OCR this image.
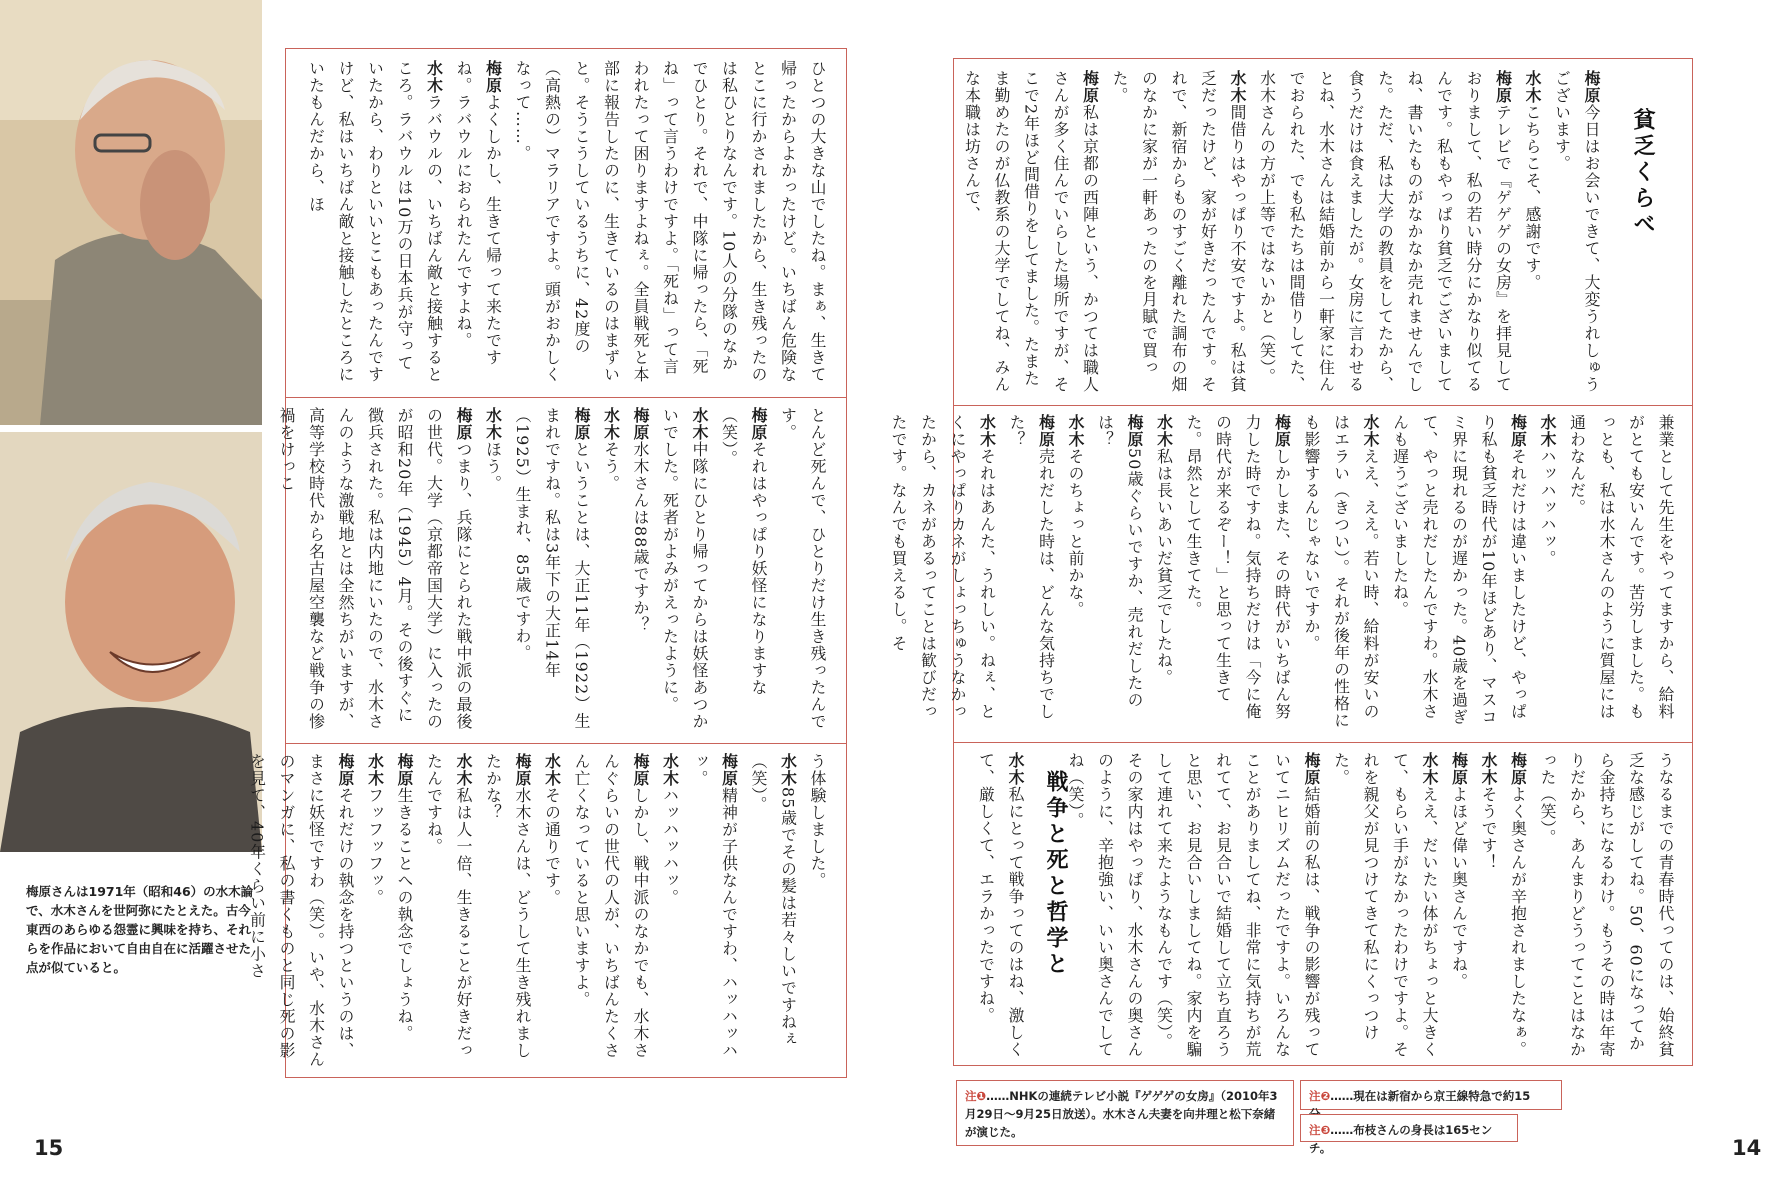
梅原さんは1971年（昭和46）の水木論で、水木さんを世阿弥にたとえた。古今東西のあらゆる怨霊に興味を持ち、それらを作品において自由自在に活躍させた点が似ていると。
15

ひとつの大きな山でしたね。まぁ、生きて帰ったからよかったけど。いちばん危険なとこに行かされましたから、生き残ったのは私ひとりなんです。10人の分隊のなかでひとり。それで、中隊に帰ったら、「死ね」って言うわけですよ。「死ね」って言われたって困りますよねぇ。全員戦死と本部に報告したのに、生きているのはまずいと。そうこうしているうちに、42度の（高熱の）マラリアですよ。頭がおかしくなって……。

梅原よくしかし、生きて帰って来たですね。ラバウルにおられたんですよね。

水木ラバウルの、いちばん敵と接触するところ。ラバウルは10万の日本兵が守っていたから、わりといいとこもあったんですけど、私はいちばん敵と接触したところにいたもんだから、ほ

とんど死んで、ひとりだけ生き残ったんです。

梅原それはやっぱり妖怪になりますな（笑）。

水木中隊にひとり帰ってからは妖怪あつかいでした。死者がよみがえったように。

梅原水木さんは88歳ですか？

水木そう。

梅原ということは、大正11年（1922）生まれですね。私は3年下の大正14年（1925）生まれ、85歳ですわ。

水木ほう。

梅原つまり、兵隊にとられた戦中派の最後の世代。大学（京都帝国大学）に入ったのが昭和20年（1945）4月。その後すぐに徴兵された。私は内地にいたので、水木さんのような激戦地とは全然ちがいますが、高等学校時代から名古屋空襲など戦争の惨禍をけっこ

う体験しました。

水木85歳でその髪は若々しいですねぇ（笑）。

梅原精神が子供なんですわ、ハッハッハッ。

水木ハッハッハッ。

梅原しかし、戦中派のなかでも、水木さんぐらいの世代の人が、いちばんたくさん亡くなっていると思いますよ。

水木その通りです。

梅原水木さんは、どうして生き残れましたかな？

水木私は人一倍、生きることが好きだったんですね。

梅原生きることへの執念でしょうね。

水木フッフッフッ。

梅原それだけの執念を持つというのは、まさに妖怪ですわ（笑）。いや、水木さんのマンガに、私の書くものと同じ死の影を見て、40年くらい前に小さ

貧乏くらべ
戦争と死と哲学と

梅原今日はお会いできて、大変うれしゅうございます。

水木こちらこそ、感謝です。

梅原テレビで『ゲゲゲの女房』を拝見しておりまして、私の若い時分にかなり似てるんです。私もやっぱり貧乏でございましてね、書いたものがなかなか売れませんでした。ただ、私は大学の教員をしてたから、食うだけは食えましたが。女房に言わせるとね、水木さんは結婚前から一軒家に住んでおられた、でも私たちは間借りしてた、水木さんの方が上等ではないかと（笑）。

水木間借りはやっぱり不安ですよ。私は貧乏だったけど、家が好きだったんです。それで、新宿からものすごく離れた調布の畑のなかに家が一軒あったのを月賦で買った。

梅原私は京都の西陣という、かつては職人さんが多く住んでいらした場所ですが、そこで2年ほど間借りをしてました。たまたま勤めたのが仏教系の大学でしてね、みんな本職は坊さんで、

兼業として先生をやってますから、給料がとても安いんです。苦労しました。もっとも、私は水木さんのように質屋には通わなんだ。

水木ハッハッハッ。

梅原それだけは違いましたけど、やっぱり私も貧乏時代が10年ほどあり、マスコミ界に現れるのが遅かった。40歳を過ぎて、やっと売れだしたんですわ。水木さんも遅うございましたね。

水木ええ、ええ。若い時、給料が安いのはエラい（きつい）。それが後年の性格にも影響するんじゃないですか。

梅原しかしまた、その時代がいちばん努力した時ですね。気持ちだけは「今に俺の時代が来るぞー！」と思って生きてた。昂然として生きてた。

水木私は長いあいだ貧乏でしたね。

梅原50歳ぐらいですか、売れだしたのは？

水木そのちょっと前かな。

梅原売れだした時は、どんな気持ちでした？

水木それはあんた、うれしい。ねぇ、とくにやっぱりカネがしょっちゅうなかったから、カネがあるってことは歓びだったです。なんでも買えるし。そ

うなるまでの青春時代ってのは、始終貧乏な感じがしてね。50、60になってから金持ちになるわけ。もうその時は年寄りだから、あんまりどうってことはなかった（笑）。

梅原よく奥さんが辛抱されましたなぁ。

水木そうです！

梅原よほど偉い奥さんですね。

水木ええ、だいたい体がちょっと大きくて、もらい手がなかったわけですよ。それを親父が見つけてきて私にくっつけた。

梅原結婚前の私は、戦争の影響が残っていてニヒリズムだったですよ。いろんなことがありましてね、非常に気持ちが荒れてて、お見合いで結婚して立ち直ろうと思い、お見合いしましてね。家内を騙して連れて来たようなもんです（笑）。その家内はやっぱり、水木さんの奥さんのように、辛抱強い、いい奥さんでしてね（笑）。

水木私にとって戦争ってのはね、激しくて、厳しくて、エラかったですね。

注❶……NHKの連続テレビ小説『ゲゲゲの女房』（2010年3月29日〜9月25日放送）。水木さん夫妻を向井理と松下奈緒が演じた。
注❷……現在は新宿から京王線特急で約15
注❸……布枝さんの身長は165センチ。	14
